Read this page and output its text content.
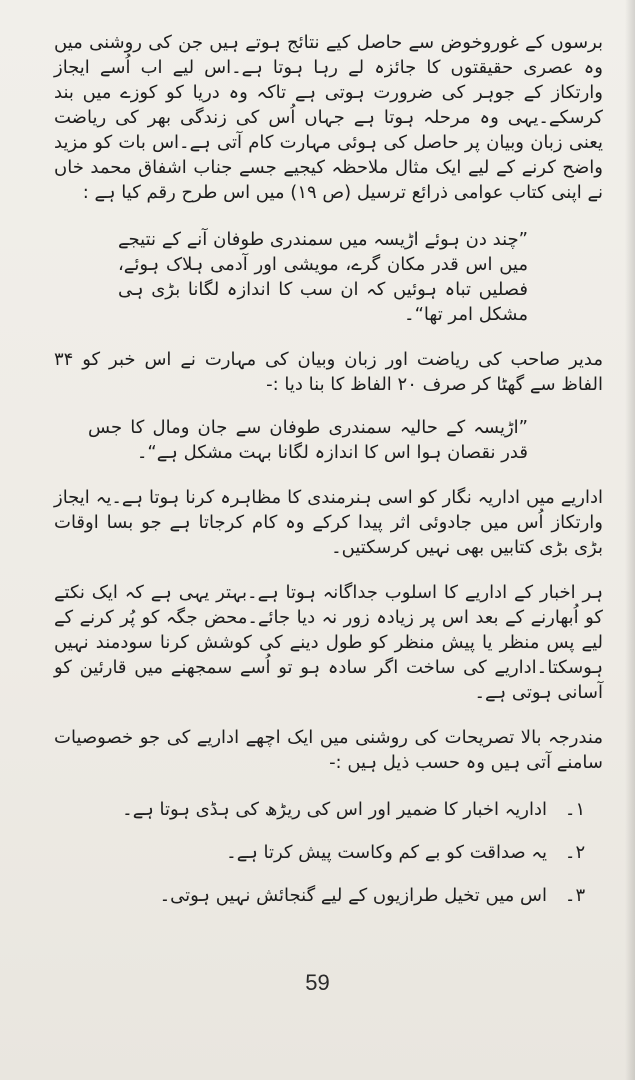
برسوں کے غوروخوض سے حاصل کیے نتائج ہوتے ہیں جن کی روشنی میں وہ عصری حقیقتوں کا جائزہ لے رہا ہوتا ہے۔اس لیے اب اُسے ایجاز وارتکاز کے جوہر کی ضرورت ہوتی ہے تاکہ وہ دریا کو کوزے میں بند کرسکے۔یہی وہ مرحلہ ہوتا ہے جہاں اُس کی زندگی بھر کی ریاضت یعنی زبان وبیان پر حاصل کی ہوئی مہارت کام آتی ہے۔اس بات کو مزید واضح کرنے کے لیے ایک مثال ملاحظہ کیجیے جسے جناب اشفاق محمد خاں نے اپنی کتاب عوامی ذرائع ترسیل (ص ۱۹) میں اس طرح رقم کیا ہے :

”چند دن ہوئے اڑیسہ میں سمندری طوفان آنے کے نتیجے میں اس قدر مکان گرے، مویشی اور آدمی ہلاک ہوئے، فصلیں تباہ ہوئیں کہ ان سب کا اندازہ لگانا بڑی ہی مشکل امر تھا“۔

مدیر صاحب کی ریاضت اور زبان وبیان کی مہارت نے اس خبر کو ۳۴ الفاظ سے گھٹا کر صرف ۲۰ الفاظ کا بنا دیا :-

”اڑیسہ کے حالیہ سمندری طوفان سے جان ومال کا جس قدر نقصان ہوا اس کا اندازہ لگانا بہت مشکل ہے“۔

اداریے میں اداریہ نگار کو اسی ہنرمندی کا مظاہرہ کرنا ہوتا ہے۔یہ ایجاز وارتکاز اُس میں جادوئی اثر پیدا کرکے وہ کام کرجاتا ہے جو بسا اوقات بڑی بڑی کتابیں بھی نہیں کرسکتیں۔

ہر اخبار کے اداریے کا اسلوب جداگانہ ہوتا ہے۔بہتر یہی ہے کہ ایک نکتے کو اُبھارنے کے بعد اس پر زیادہ زور نہ دیا جائے۔محض جگہ کو پُر کرنے کے لیے پس منظر یا پیش منظر کو طول دینے کی کوشش کرنا سودمند نہیں ہوسکتا۔اداریے کی ساخت اگر سادہ ہو تو اُسے سمجھنے میں قارئین کو آسانی ہوتی ہے۔

مندرجہ بالا تصریحات کی روشنی میں ایک اچھے اداریے کی جو خصوصیات سامنے آتی ہیں وہ حسب ذیل ہیں :-

۱۔
اداریہ اخبار کا ضمیر اور اس کی ریڑھ کی ہڈی ہوتا ہے۔
۲۔
یہ صداقت کو بے کم وکاست پیش کرتا ہے۔
۳۔
اس میں تخیل طرازیوں کے لیے گنجائش نہیں ہوتی۔
59
